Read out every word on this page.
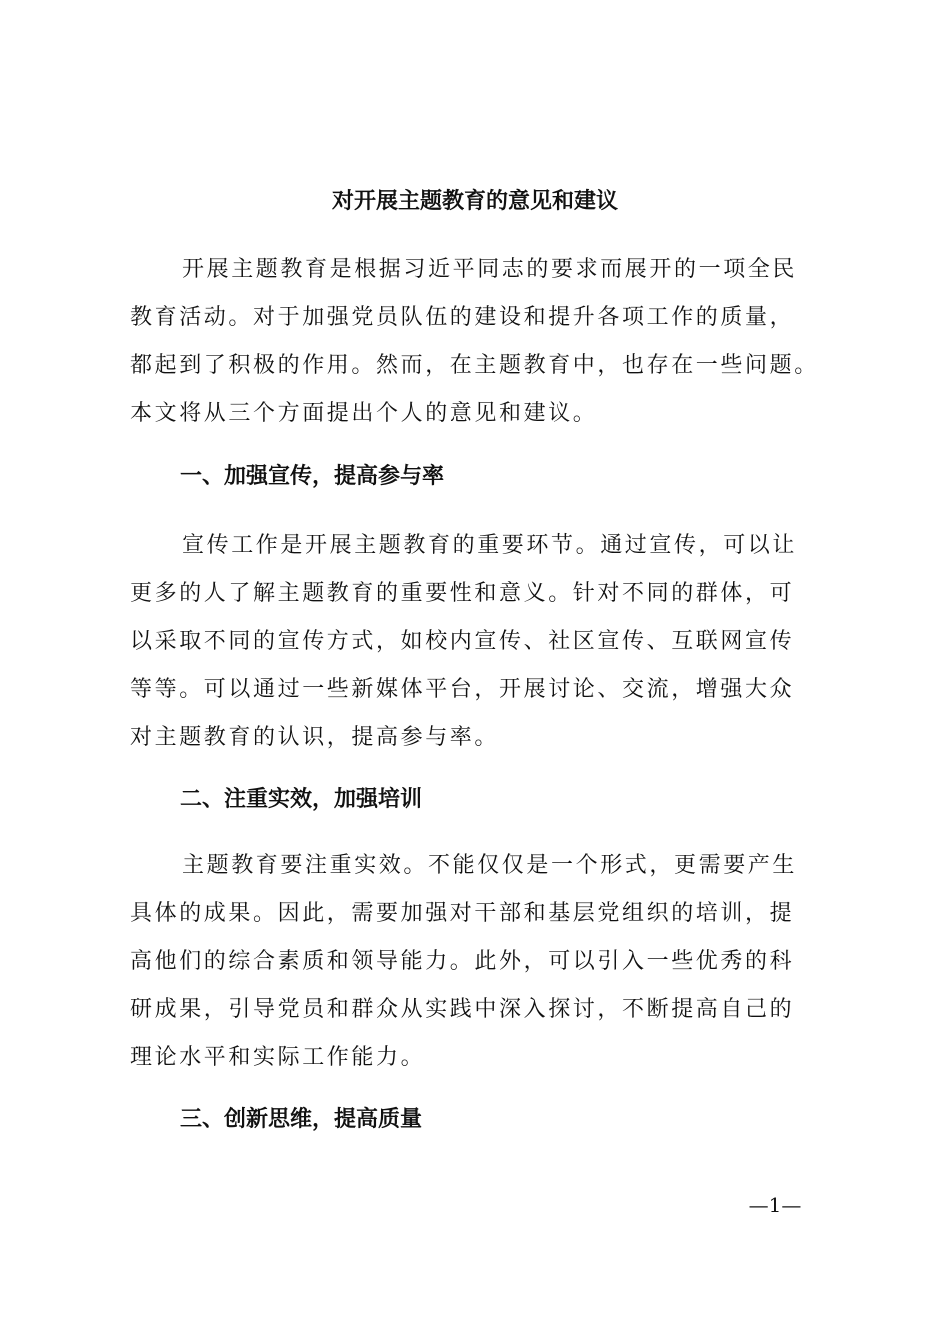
对开展主题教育的意见和建议
开展主题教育是根据习近平同志的要求而展开的一项全民
教育活动。对于加强党员队伍的建设和提升各项工作的质量，
都起到了积极的作用。然而，在主题教育中，也存在一些问题。
本文将从三个方面提出个人的意见和建议。
一、加强宣传，提高参与率
宣传工作是开展主题教育的重要环节。通过宣传，可以让
更多的人了解主题教育的重要性和意义。针对不同的群体，可
以采取不同的宣传方式，如校内宣传、社区宣传、互联网宣传
等等。可以通过一些新媒体平台，开展讨论、交流，增强大众
对主题教育的认识，提高参与率。
二、注重实效，加强培训
主题教育要注重实效。不能仅仅是一个形式，更需要产生
具体的成果。因此，需要加强对干部和基层党组织的培训，提
高他们的综合素质和领导能力。此外，可以引入一些优秀的科
研成果，引导党员和群众从实践中深入探讨，不断提高自己的
理论水平和实际工作能力。
三、创新思维，提高质量
—1—
